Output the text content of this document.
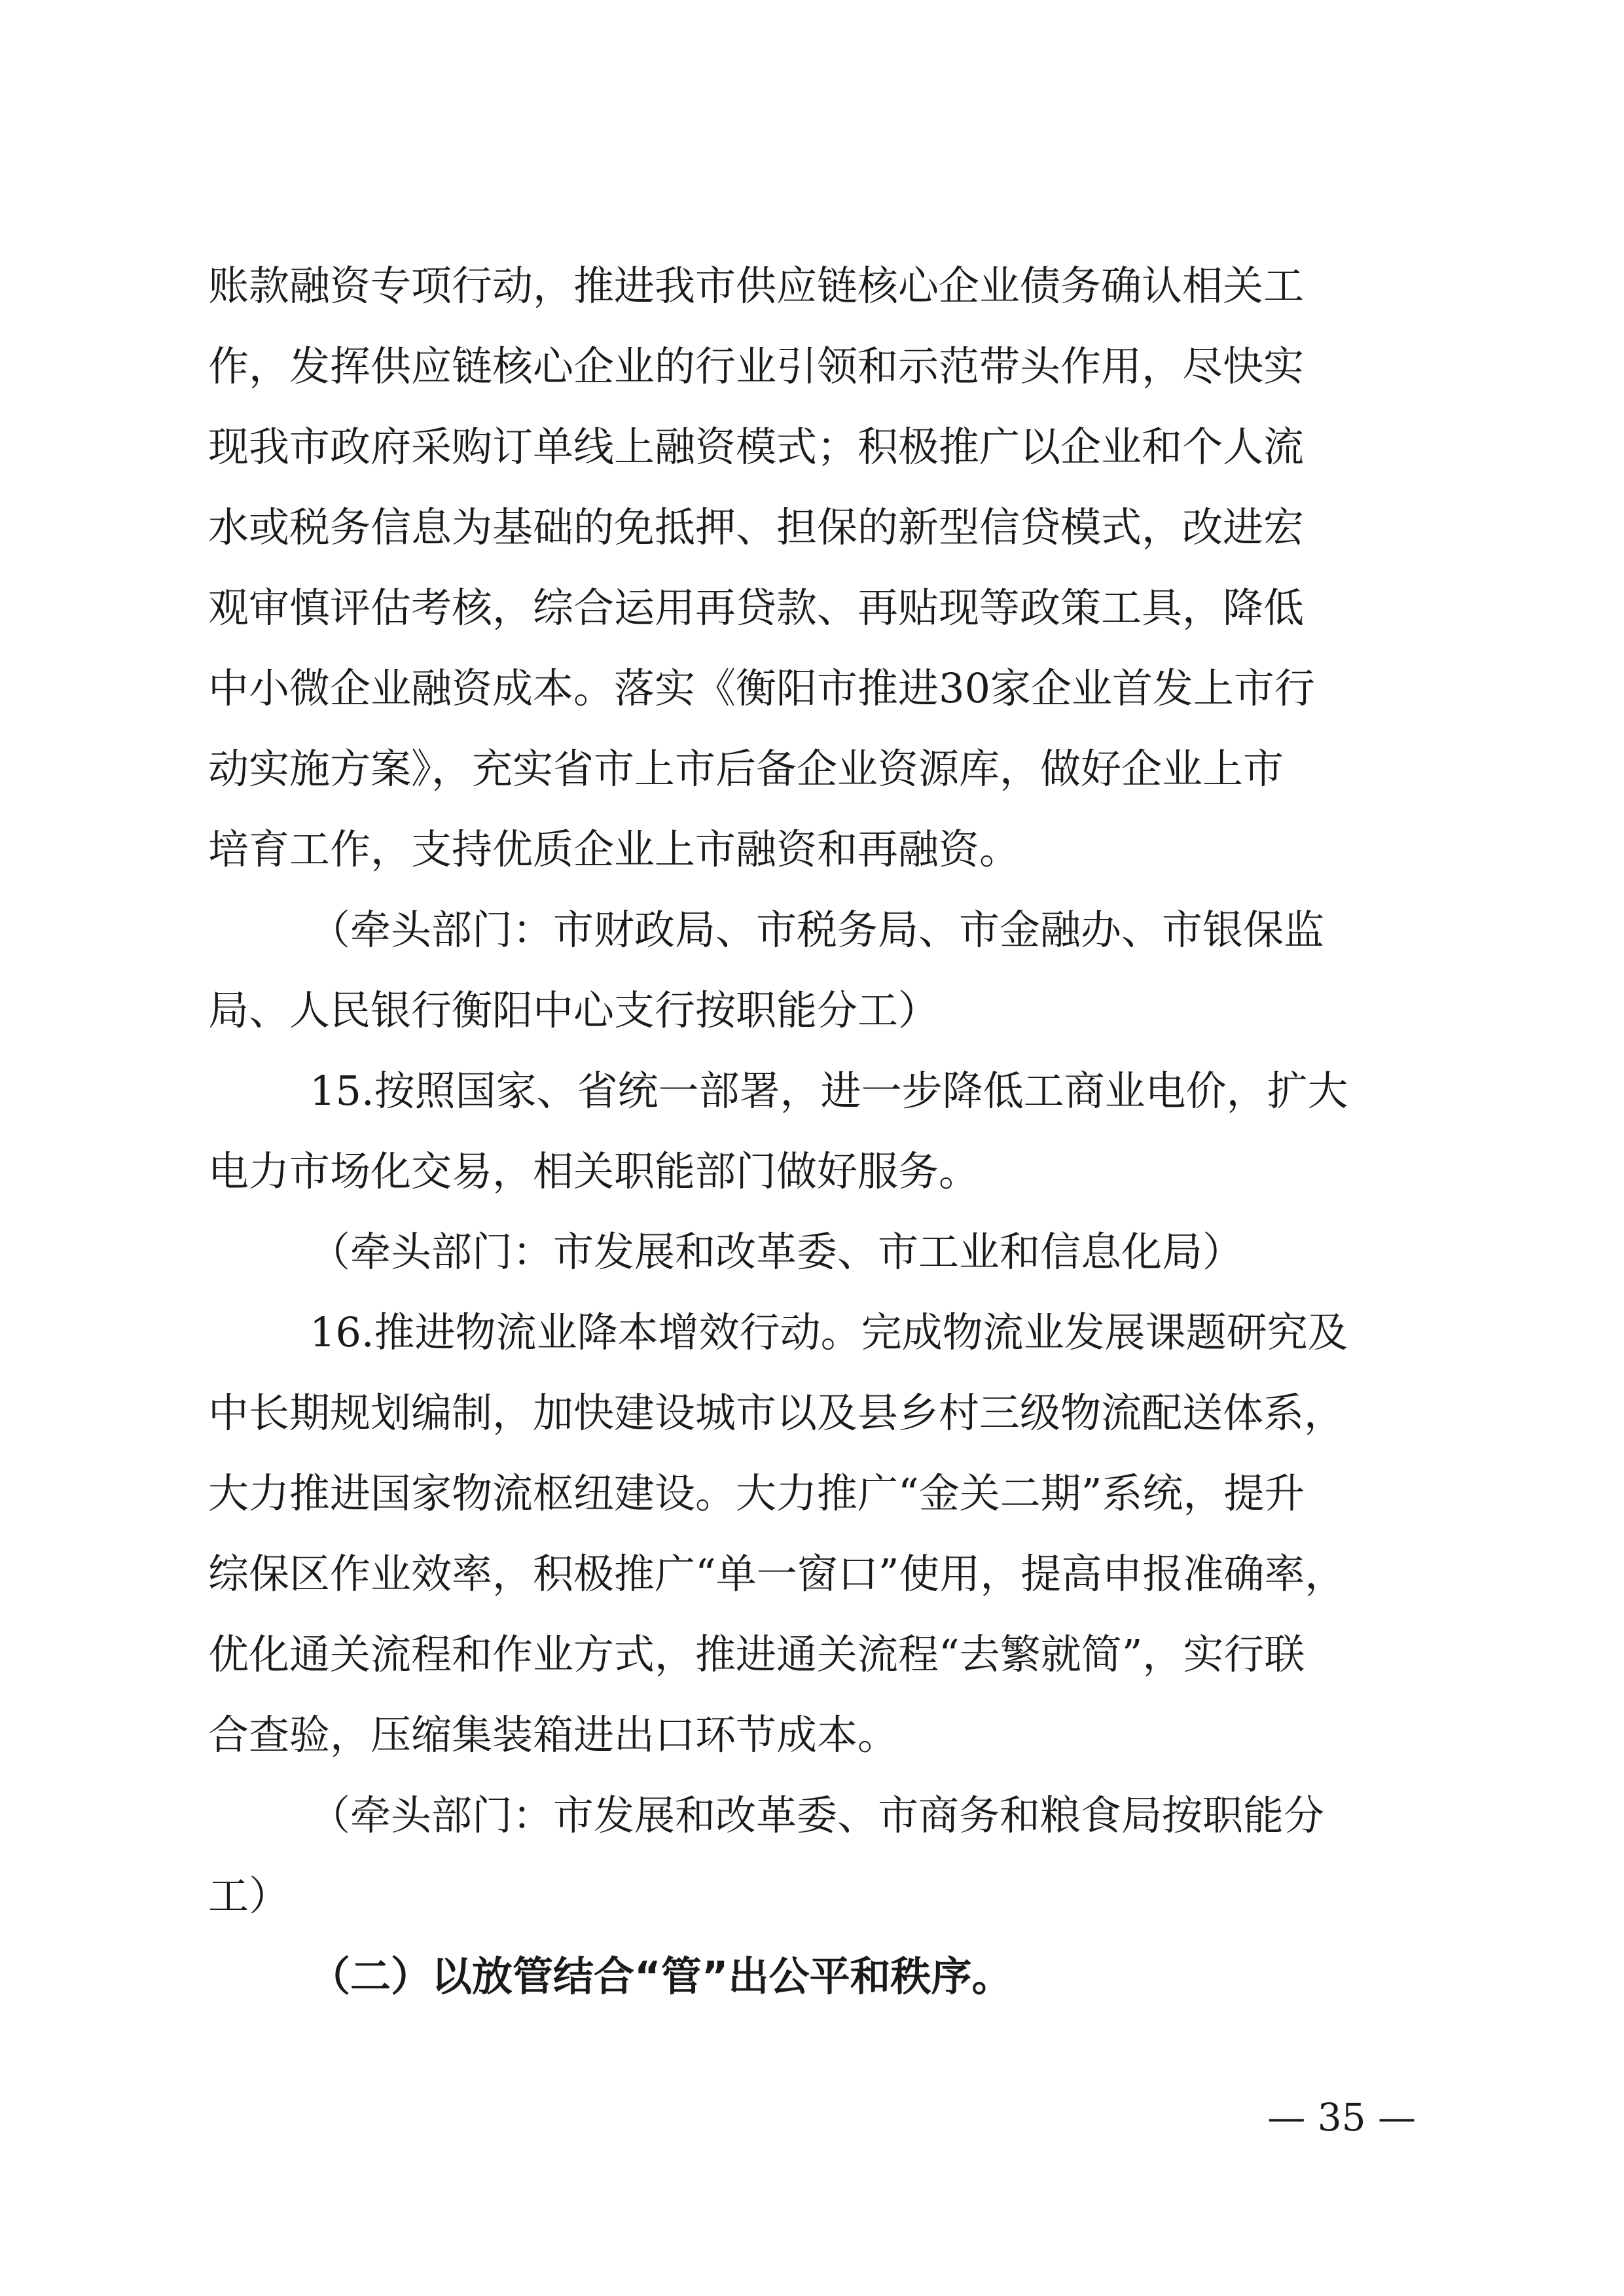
账款融资专项行动，推进我市供应链核心企业债务确认相关工
作，发挥供应链核心企业的行业引领和示范带头作用，尽快实
现我市政府采购订单线上融资模式；积极推广以企业和个人流
水或税务信息为基础的免抵押、担保的新型信贷模式，改进宏
观审慎评估考核，综合运用再贷款、再贴现等政策工具，降低
中小微企业融资成本。落实《衡阳市推进30家企业首发上市行
动实施方案》，充实省市上市后备企业资源库，做好企业上市
培育工作，支持优质企业上市融资和再融资。
（牵头部门：市财政局、市税务局、市金融办、市银保监
局、人民银行衡阳中心支行按职能分工）
15.按照国家、省统一部署，进一步降低工商业电价，扩大
电力市场化交易，相关职能部门做好服务。
（牵头部门：市发展和改革委、市工业和信息化局）
16.推进物流业降本增效行动。完成物流业发展课题研究及
中长期规划编制，加快建设城市以及县乡村三级物流配送体系，
大力推进国家物流枢纽建设。大力推广“金关二期”系统，提升
综保区作业效率，积极推广“单一窗口”使用，提高申报准确率，
优化通关流程和作业方式，推进通关流程“去繁就简”，实行联
合查验，压缩集装箱进出口环节成本。
（牵头部门：市发展和改革委、市商务和粮食局按职能分
工）
（二）以放管结合“管”出公平和秩序。
— 35 —
